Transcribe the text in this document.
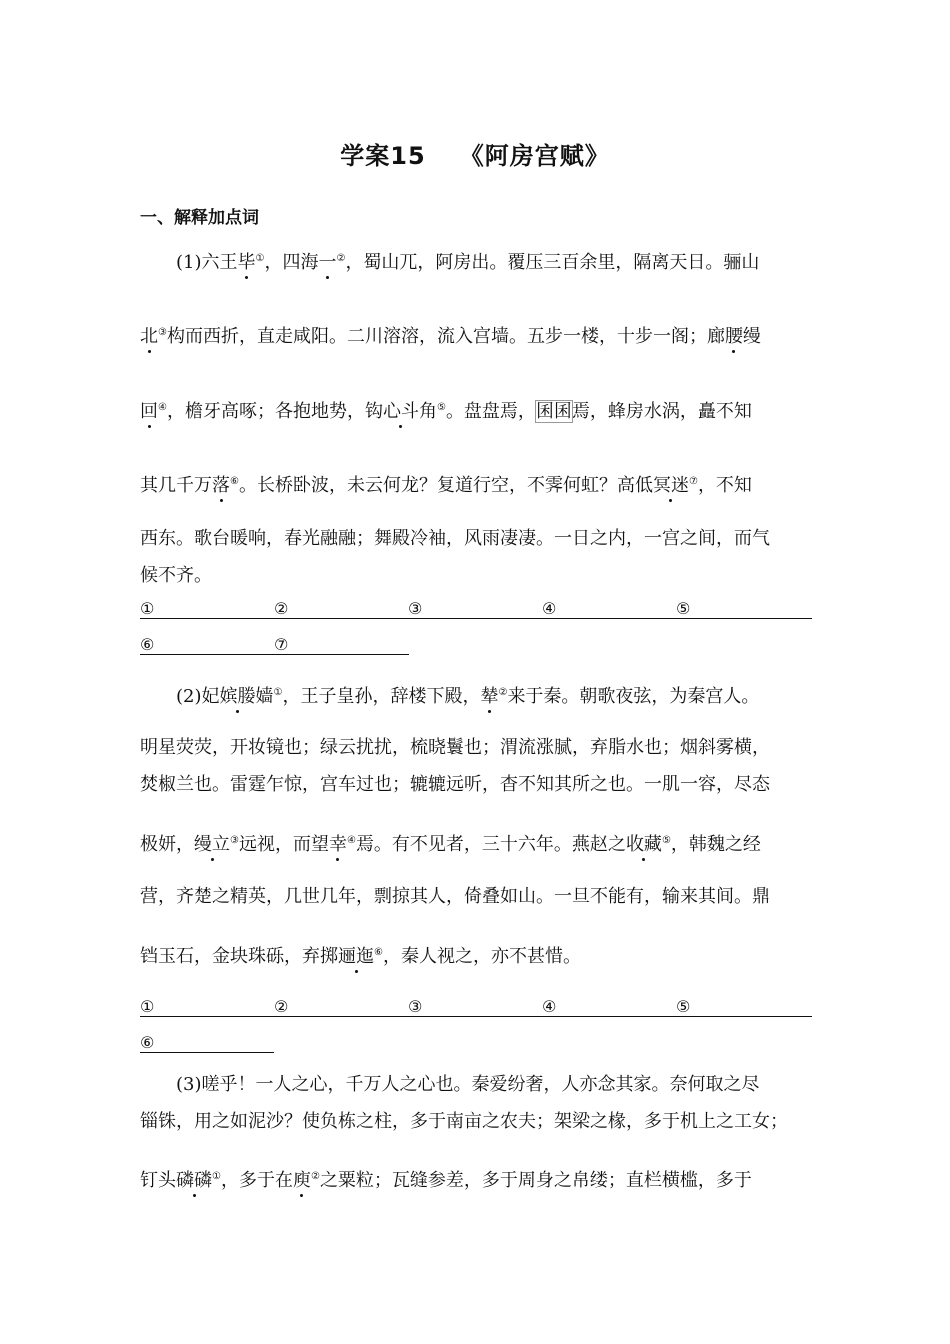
学案15 《阿房宫赋》
一、解释加点词
(1)六王毕①，四海一②，蜀山兀，阿房出。覆压三百余里，隔离天日。骊山
北③构而西折，直走咸阳。二川溶溶，流入宫墙。五步一楼，十步一阁；廊腰缦
回④，檐牙高啄；各抱地势，钩心斗角⑤。盘盘焉，囷囷焉，蜂房水涡，矗不知
其几千万落⑥。长桥卧波，未云何龙？复道行空，不霁何虹？高低冥迷⑦，不知
西东。歌台暖响，春光融融；舞殿冷袖，风雨凄凄。一日之内，一宫之间，而气
候不齐。
①	②	③	④	⑤
⑥	⑦
(2)妃嫔媵嫱①，王子皇孙，辞楼下殿，辇②来于秦。朝歌夜弦，为秦宫人。
明星荧荧，开妆镜也；绿云扰扰，梳晓鬟也；渭流涨腻，弃脂水也；烟斜雾横，
焚椒兰也。雷霆乍惊，宫车过也；辘辘远听，杳不知其所之也。一肌一容，尽态
极妍，缦立③远视，而望幸④焉。有不见者，三十六年。燕赵之收藏⑤，韩魏之经
营，齐楚之精英，几世几年，剽掠其人，倚叠如山。一旦不能有，输来其间。鼎
铛玉石，金块珠砾，弃掷逦迤⑥，秦人视之，亦不甚惜。
①	②	③	④	⑤
⑥
(3)嗟乎！一人之心，千万人之心也。秦爱纷奢，人亦念其家。奈何取之尽
锱铢，用之如泥沙？使负栋之柱，多于南亩之农夫；架梁之椽，多于机上之工女；
钉头磷磷①，多于在庾②之粟粒；瓦缝参差，多于周身之帛缕；直栏横槛，多于
